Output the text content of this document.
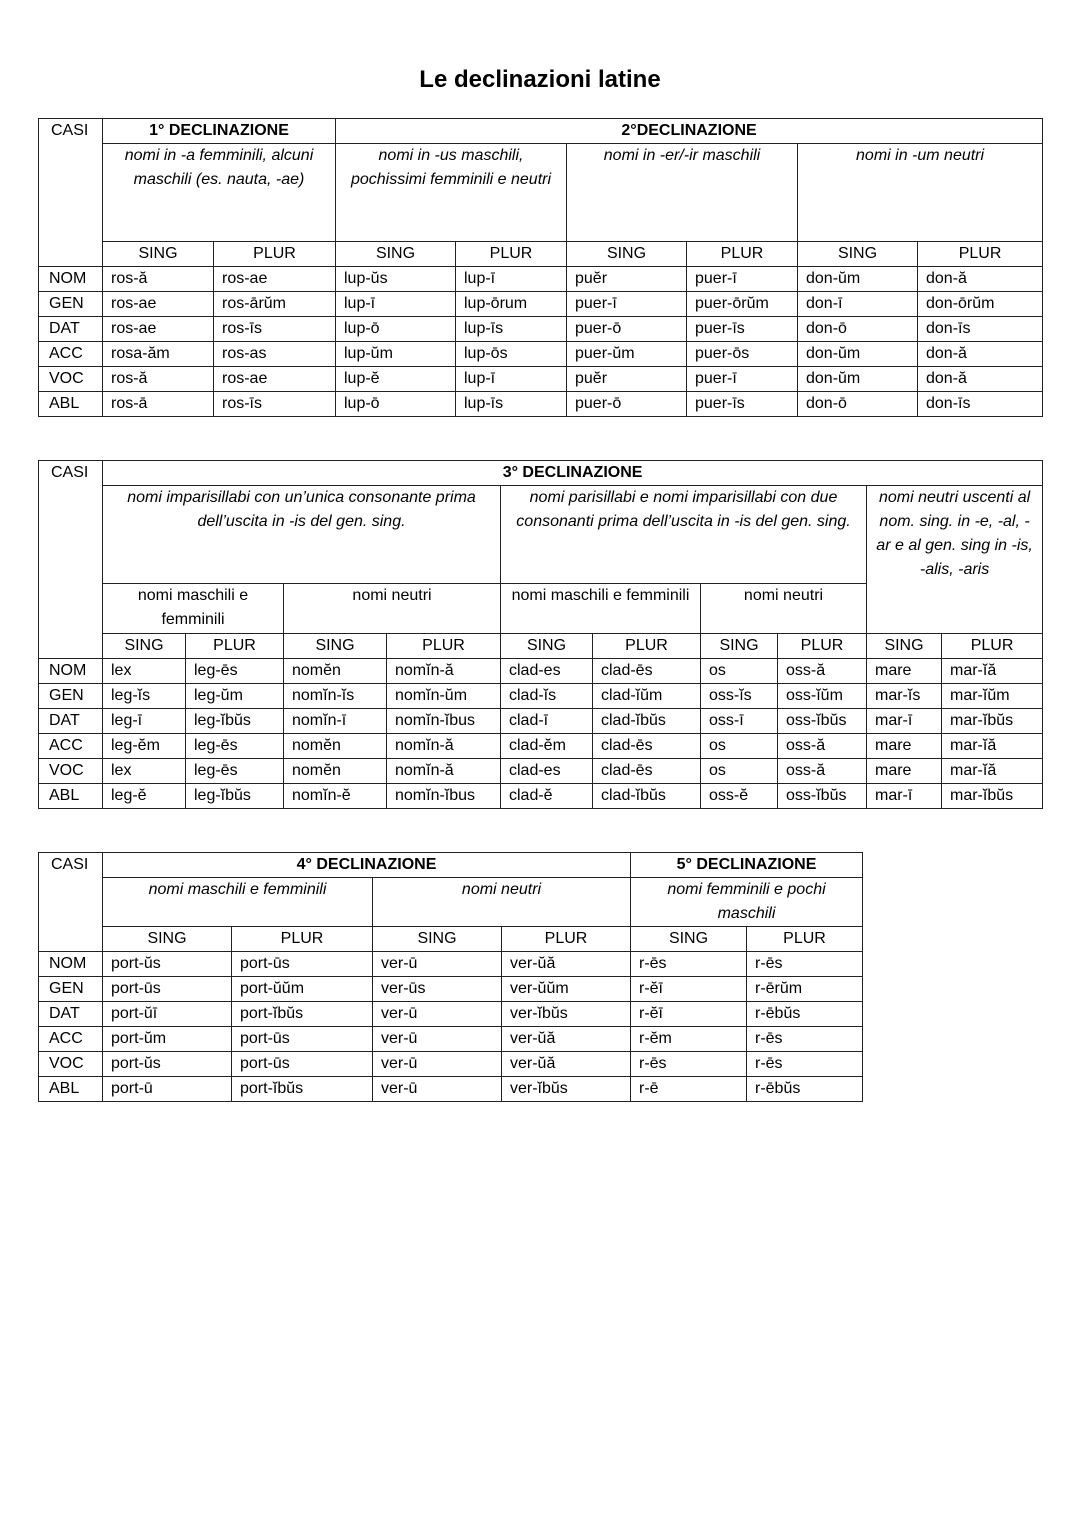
Le declinazioni latine
CASI	1° DECLINAZIONE		2°DECLINAZIONE					
	nomi in -a femminili, alcuni maschili (es. nauta, -ae)		nomi in -us maschili, pochissimi femminili e neutri		nomi in -er/-ir maschili		nomi in -um neutri	
	SING	PLUR	SING	PLUR	SING	PLUR	SING	PLUR
NOM	ros-ă	ros-ae	lup-ŭs	lup-ī	puĕr	puer-ī	don-ŭm	don-ă
GEN	ros-ae	ros-ārŭm	lup-ī	lup-ōrum	puer-ī	puer-ōrŭm	don-ī	don-ōrŭm
DAT	ros-ae	ros-īs	lup-ō	lup-īs	puer-ō	puer-īs	don-ō	don-īs
ACC	rosa-ăm	ros-as	lup-ŭm	lup-ōs	puer-ŭm	puer-ōs	don-ŭm	don-ă
VOC	ros-ă	ros-ae	lup-ĕ	lup-ī	puĕr	puer-ī	don-ŭm	don-ă
ABL	ros-ā	ros-īs	lup-ō	lup-īs	puer-ō	puer-īs	don-ō	don-īs
CASI	3° DECLINAZIONE									
	nomi imparisillabi con un’unica consonante prima dell’uscita in -is del gen. sing.				nomi parisillabi e nomi imparisillabi con due consonanti prima dell’uscita in -is del gen. sing.				nomi neutri uscenti al nom. sing. in -e, -al, -ar e al gen. sing in -is, -alis, -aris	
	nomi maschili e femminili		nomi neutri		nomi maschili e femminili		nomi neutri			
	SING	PLUR	SING	PLUR	SING	PLUR	SING	PLUR	SING	PLUR
NOM	lex	leg-ēs	nomĕn	nomĭn-ă	clad-es	clad-ēs	os	oss-ă	mare	mar-ĭă
GEN	leg-ĭs	leg-ŭm	nomĭn-ĭs	nomĭn-ŭm	clad-ĭs	clad-ĭŭm	oss-ĭs	oss-ĭŭm	mar-ĭs	mar-ĭŭm
DAT	leg-ī	leg-ĭbŭs	nomĭn-ī	nomĭn-ĭbus	clad-ī	clad-ĭbŭs	oss-ī	oss-ĭbŭs	mar-ī	mar-ĭbŭs
ACC	leg-ĕm	leg-ēs	nomĕn	nomĭn-ă	clad-ĕm	clad-ēs	os	oss-ă	mare	mar-ĭă
VOC	lex	leg-ēs	nomĕn	nomĭn-ă	clad-es	clad-ēs	os	oss-ă	mare	mar-ĭă
ABL	leg-ĕ	leg-ĭbŭs	nomĭn-ĕ	nomĭn-ĭbus	clad-ĕ	clad-ĭbŭs	oss-ĕ	oss-ĭbŭs	mar-ī	mar-ĭbŭs
CASI	4° DECLINAZIONE				5° DECLINAZIONE	
	nomi maschili e femminili		nomi neutri		nomi femminili e pochi maschili	
	SING	PLUR	SING	PLUR	SING	PLUR
NOM	port-ŭs	port-ūs	ver-ū	ver-ŭă	r-ēs	r-ēs
GEN	port-ūs	port-ŭŭm	ver-ūs	ver-ŭŭm	r-ĕī	r-ērŭm
DAT	port-ŭī	port-ĭbŭs	ver-ū	ver-ĭbŭs	r-ĕī	r-ēbŭs
ACC	port-ŭm	port-ūs	ver-ū	ver-ŭă	r-ĕm	r-ēs
VOC	port-ŭs	port-ūs	ver-ū	ver-ŭă	r-ēs	r-ēs
ABL	port-ū	port-ĭbŭs	ver-ū	ver-ĭbŭs	r-ē	r-ēbŭs
